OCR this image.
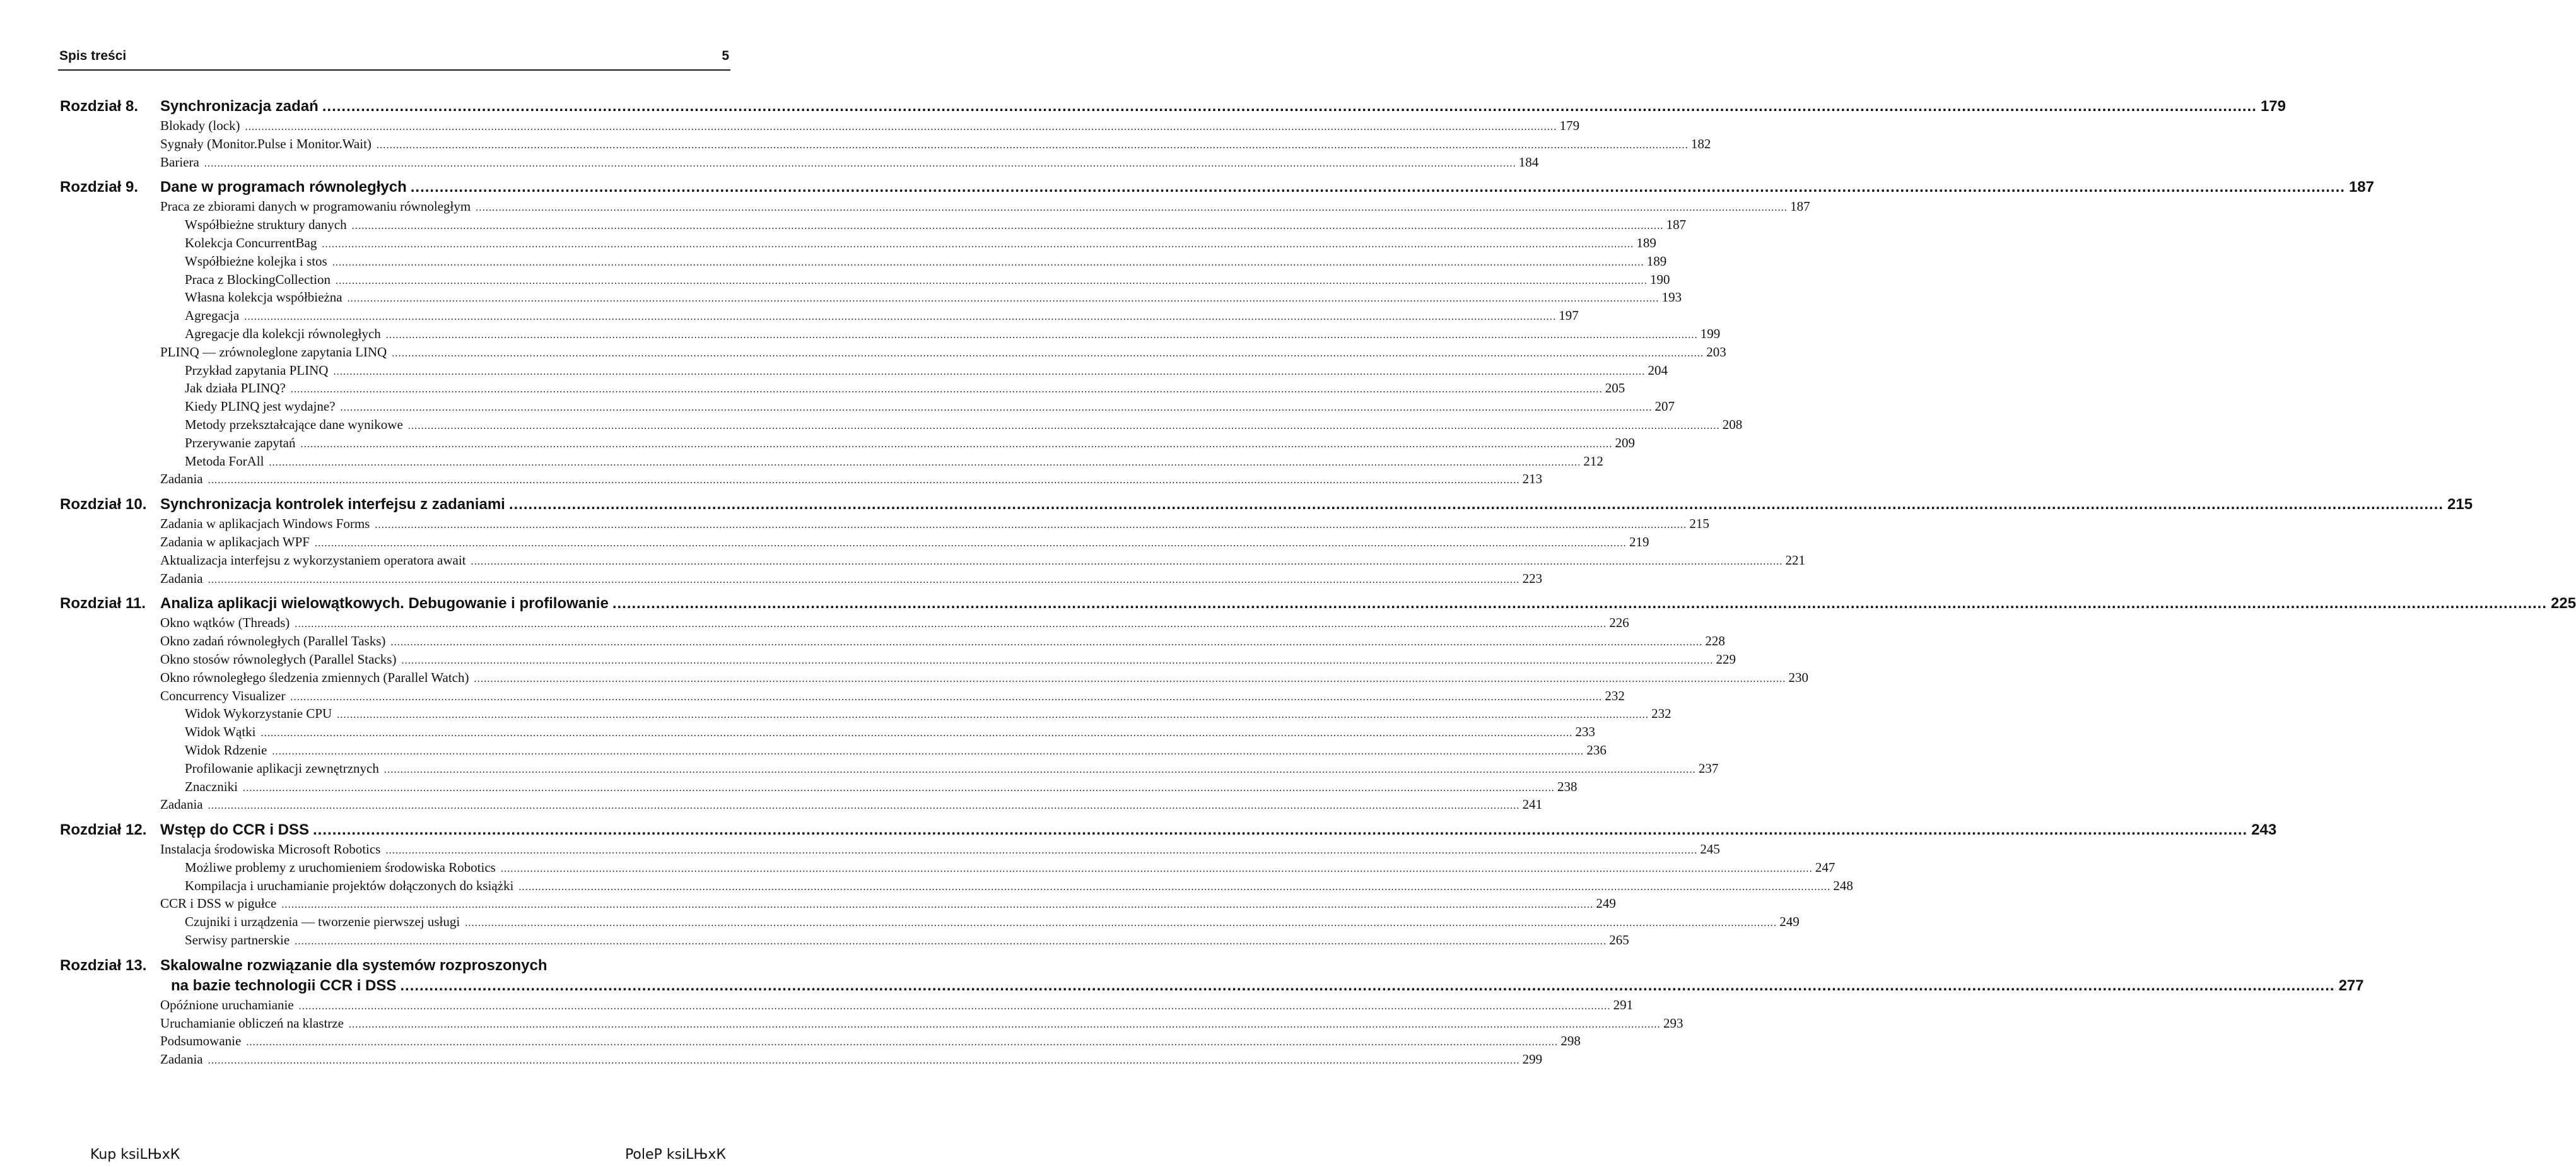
Spis treści	5
Rozdział 8.	Synchronizacja zadań ................................................................................................................................................................................................................................................................................................................................................................................................................ 179
Blokady (lock) ................................................................................................................................................................................................................................................................................................................................................................................................................ 179
Sygnały (Monitor.Pulse i Monitor.Wait) ................................................................................................................................................................................................................................................................................................................................................................................................................ 182
Bariera ................................................................................................................................................................................................................................................................................................................................................................................................................ 184
Rozdział 9.	Dane w programach równoległych ................................................................................................................................................................................................................................................................................................................................................................................................................ 187
Praca ze zbiorami danych w programowaniu równoległym ................................................................................................................................................................................................................................................................................................................................................................................................................ 187
Współbieżne struktury danych ................................................................................................................................................................................................................................................................................................................................................................................................................ 187
Kolekcja ConcurrentBag ................................................................................................................................................................................................................................................................................................................................................................................................................ 189
Współbieżne kolejka i stos ................................................................................................................................................................................................................................................................................................................................................................................................................ 189
Praca z BlockingCollection ................................................................................................................................................................................................................................................................................................................................................................................................................ 190
Własna kolekcja współbieżna ................................................................................................................................................................................................................................................................................................................................................................................................................ 193
Agregacja ................................................................................................................................................................................................................................................................................................................................................................................................................ 197
Agregacje dla kolekcji równoległych ................................................................................................................................................................................................................................................................................................................................................................................................................ 199
PLINQ — zrównoleglone zapytania LINQ ................................................................................................................................................................................................................................................................................................................................................................................................................ 203
Przykład zapytania PLINQ ................................................................................................................................................................................................................................................................................................................................................................................................................ 204
Jak działa PLINQ? ................................................................................................................................................................................................................................................................................................................................................................................................................ 205
Kiedy PLINQ jest wydajne? ................................................................................................................................................................................................................................................................................................................................................................................................................ 207
Metody przekształcające dane wynikowe ................................................................................................................................................................................................................................................................................................................................................................................................................ 208
Przerywanie zapytań ................................................................................................................................................................................................................................................................................................................................................................................................................ 209
Metoda ForAll ................................................................................................................................................................................................................................................................................................................................................................................................................ 212
Zadania ................................................................................................................................................................................................................................................................................................................................................................................................................ 213
Rozdział 10. Synchronizacja kontrolek interfejsu z zadaniami ................................................................................................................................................................................................................................................................................................................................................................................................................ 215
Zadania w aplikacjach Windows Forms ................................................................................................................................................................................................................................................................................................................................................................................................................ 215
Zadania w aplikacjach WPF ................................................................................................................................................................................................................................................................................................................................................................................................................ 219
Aktualizacja interfejsu z wykorzystaniem operatora await ................................................................................................................................................................................................................................................................................................................................................................................................................ 221
Zadania ................................................................................................................................................................................................................................................................................................................................................................................................................ 223
Rozdział 11. Analiza aplikacji wielowątkowych. Debugowanie i profilowanie ................................................................................................................................................................................................................................................................................................................................................................................................................ 225
Okno wątków (Threads) ................................................................................................................................................................................................................................................................................................................................................................................................................ 226
Okno zadań równoległych (Parallel Tasks) ................................................................................................................................................................................................................................................................................................................................................................................................................ 228
Okno stosów równoległych (Parallel Stacks) ................................................................................................................................................................................................................................................................................................................................................................................................................ 229
Okno równoległego śledzenia zmiennych (Parallel Watch) ................................................................................................................................................................................................................................................................................................................................................................................................................ 230
Concurrency Visualizer ................................................................................................................................................................................................................................................................................................................................................................................................................ 232
Widok Wykorzystanie CPU ................................................................................................................................................................................................................................................................................................................................................................................................................ 232
Widok Wątki ................................................................................................................................................................................................................................................................................................................................................................................................................ 233
Widok Rdzenie ................................................................................................................................................................................................................................................................................................................................................................................................................ 236
Profilowanie aplikacji zewnętrznych ................................................................................................................................................................................................................................................................................................................................................................................................................ 237
Znaczniki ................................................................................................................................................................................................................................................................................................................................................................................................................ 238
Zadania ................................................................................................................................................................................................................................................................................................................................................................................................................ 241
Rozdział 12. Wstęp do CCR i DSS ................................................................................................................................................................................................................................................................................................................................................................................................................ 243
Instalacja środowiska Microsoft Robotics ................................................................................................................................................................................................................................................................................................................................................................................................................ 245
Możliwe problemy z uruchomieniem środowiska Robotics ................................................................................................................................................................................................................................................................................................................................................................................................................ 247
Kompilacja i uruchamianie projektów dołączonych do książki ................................................................................................................................................................................................................................................................................................................................................................................................................ 248
CCR i DSS w pigułce ................................................................................................................................................................................................................................................................................................................................................................................................................ 249
Czujniki i urządzenia — tworzenie pierwszej usługi ................................................................................................................................................................................................................................................................................................................................................................................................................ 249
Serwisy partnerskie ................................................................................................................................................................................................................................................................................................................................................................................................................ 265
Rozdział 13. Skalowalne rozwiązanie dla systemów rozproszonych
na bazie technologii CCR i DSS ................................................................................................................................................................................................................................................................................................................................................................................................................ 277
Opóźnione uruchamianie ................................................................................................................................................................................................................................................................................................................................................................................................................ 291
Uruchamianie obliczeń na klastrze ................................................................................................................................................................................................................................................................................................................................................................................................................ 293
Podsumowanie ................................................................................................................................................................................................................................................................................................................................................................................................................ 298
Zadania ................................................................................................................................................................................................................................................................................................................................................................................................................ 299
Kup ksiLЊxК	PoleP ksiLЊxК
